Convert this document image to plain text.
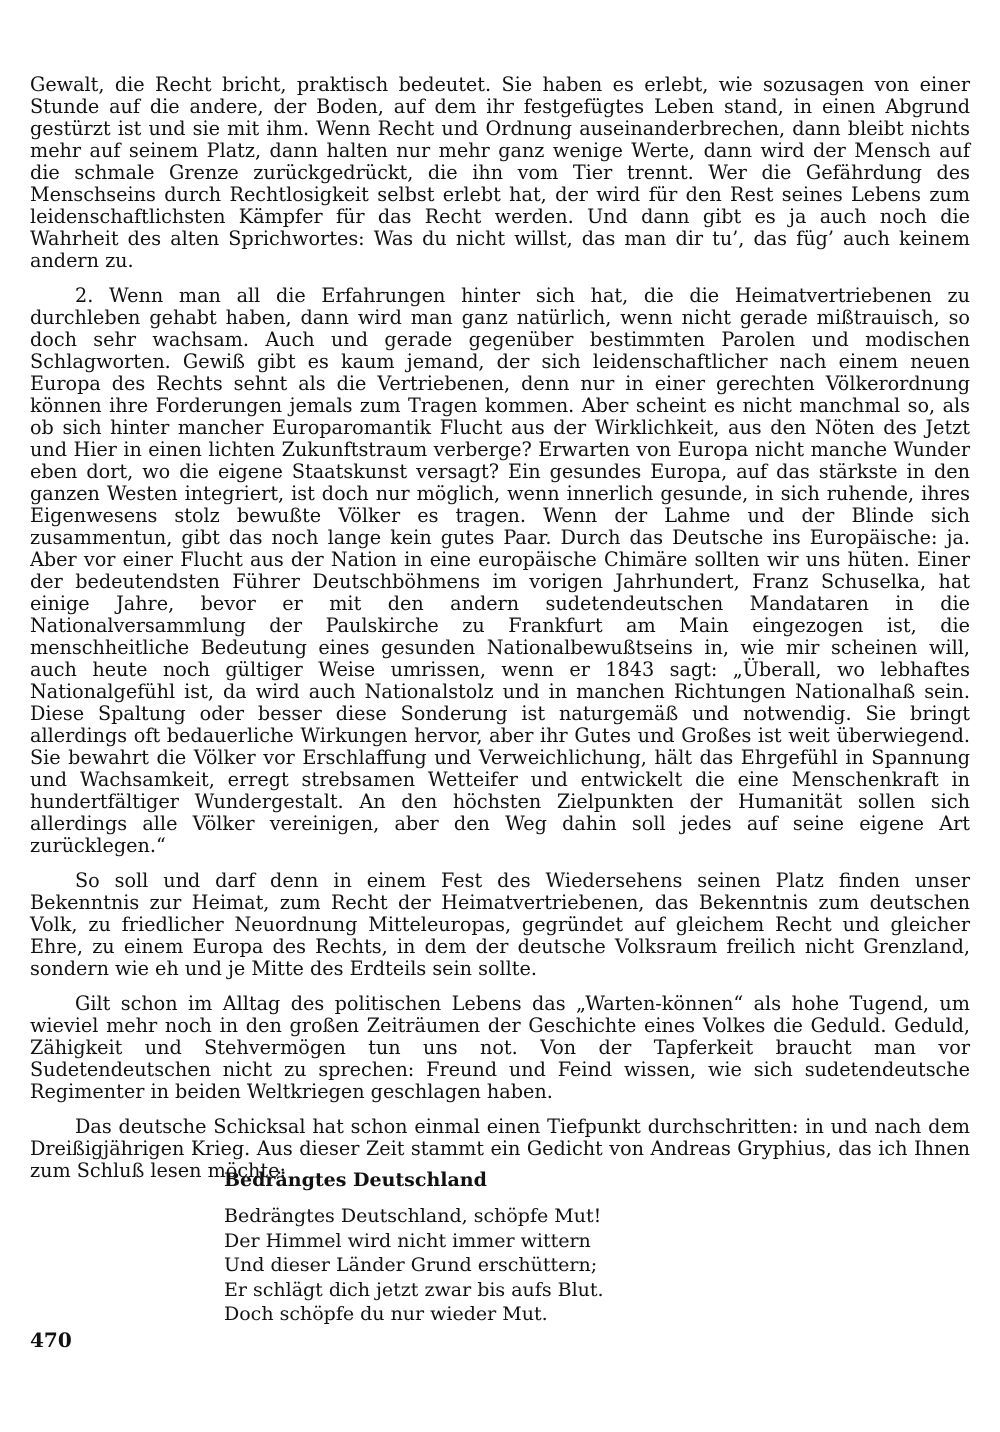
Gewalt, die Recht bricht, praktisch bedeutet. Sie haben es erlebt, wie sozusagen von einer Stunde auf die andere, der Boden, auf dem ihr festgefügtes Leben stand, in einen Abgrund gestürzt ist und sie mit ihm. Wenn Recht und Ordnung auseinanderbrechen, dann bleibt nichts mehr auf seinem Platz, dann halten nur mehr ganz wenige Werte, dann wird der Mensch auf die schmale Grenze zurückgedrückt, die ihn vom Tier trennt. Wer die Gefährdung des Menschseins durch Rechtlosigkeit selbst erlebt hat, der wird für den Rest seines Lebens zum leidenschaftlichsten Kämpfer für das Recht werden. Und dann gibt es ja auch noch die Wahrheit des alten Sprichwortes: Was du nicht willst, das man dir tu’, das füg’ auch keinem andern zu.

2. Wenn man all die Erfahrungen hinter sich hat, die die Heimatvertriebenen zu durchleben gehabt haben, dann wird man ganz natürlich, wenn nicht gerade mißtrauisch, so doch sehr wachsam. Auch und gerade gegenüber bestimmten Parolen und modischen Schlagworten. Gewiß gibt es kaum jemand, der sich leidenschaftlicher nach einem neuen Europa des Rechts sehnt als die Vertriebenen, denn nur in einer gerechten Völkerordnung können ihre Forderungen jemals zum Tragen kommen. Aber scheint es nicht manchmal so, als ob sich hinter mancher Europaromantik Flucht aus der Wirklichkeit, aus den Nöten des Jetzt und Hier in einen lichten Zukunftstraum verberge? Erwarten von Europa nicht manche Wunder eben dort, wo die eigene Staatskunst versagt? Ein gesundes Europa, auf das stärkste in den ganzen Westen integriert, ist doch nur möglich, wenn innerlich gesunde, in sich ruhende, ihres Eigenwesens stolz bewußte Völker es tragen. Wenn der Lahme und der Blinde sich zusammentun, gibt das noch lange kein gutes Paar. Durch das Deutsche ins Europäische: ja. Aber vor einer Flucht aus der Nation in eine europäische Chimäre sollten wir uns hüten. Einer der bedeutendsten Führer Deutschböhmens im vorigen Jahrhundert, Franz Schuselka, hat einige Jahre, bevor er mit den andern sudetendeutschen Mandataren in die Nationalversammlung der Paulskirche zu Frankfurt am Main eingezogen ist, die menschheitliche Bedeutung eines gesunden Nationalbewußtseins in, wie mir scheinen will, auch heute noch gültiger Weise umrissen, wenn er 1843 sagt: „Überall, wo lebhaftes Nationalgefühl ist, da wird auch Nationalstolz und in manchen Richtungen Nationalhaß sein. Diese Spaltung oder besser diese Sonderung ist naturgemäß und notwendig. Sie bringt allerdings oft bedauerliche Wirkungen hervor, aber ihr Gutes und Großes ist weit überwiegend. Sie bewahrt die Völker vor Erschlaffung und Verweichlichung, hält das Ehrgefühl in Spannung und Wachsamkeit, erregt strebsamen Wetteifer und entwickelt die eine Menschenkraft in hundertfältiger Wundergestalt. An den höchsten Zielpunkten der Humanität sollen sich allerdings alle Völker vereinigen, aber den Weg dahin soll jedes auf seine eigene Art zurücklegen.“

So soll und darf denn in einem Fest des Wiedersehens seinen Platz finden unser Bekenntnis zur Heimat, zum Recht der Heimatvertriebenen, das Bekenntnis zum deutschen Volk, zu friedlicher Neuordnung Mitteleuropas, gegründet auf gleichem Recht und gleicher Ehre, zu einem Europa des Rechts, in dem der deutsche Volksraum freilich nicht Grenzland, sondern wie eh und je Mitte des Erdteils sein sollte.

Gilt schon im Alltag des politischen Lebens das „Warten-können“ als hohe Tugend, um wieviel mehr noch in den großen Zeiträumen der Geschichte eines Volkes die Geduld. Geduld, Zähigkeit und Stehvermögen tun uns not. Von der Tapferkeit braucht man vor Sudetendeutschen nicht zu sprechen: Freund und Feind wissen, wie sich sudetendeutsche Regimenter in beiden Weltkriegen geschlagen haben.

Das deutsche Schicksal hat schon einmal einen Tiefpunkt durchschritten: in und nach dem Dreißigjährigen Krieg. Aus dieser Zeit stammt ein Gedicht von Andreas Gryphius, das ich Ihnen zum Schluß lesen möchte:

Bedrängtes Deutschland
Bedrängtes Deutschland, schöpfe Mut!
Der Himmel wird nicht immer wittern
Und dieser Länder Grund erschüttern;
Er schlägt dich jetzt zwar bis aufs Blut.
Doch schöpfe du nur wieder Mut.
470
